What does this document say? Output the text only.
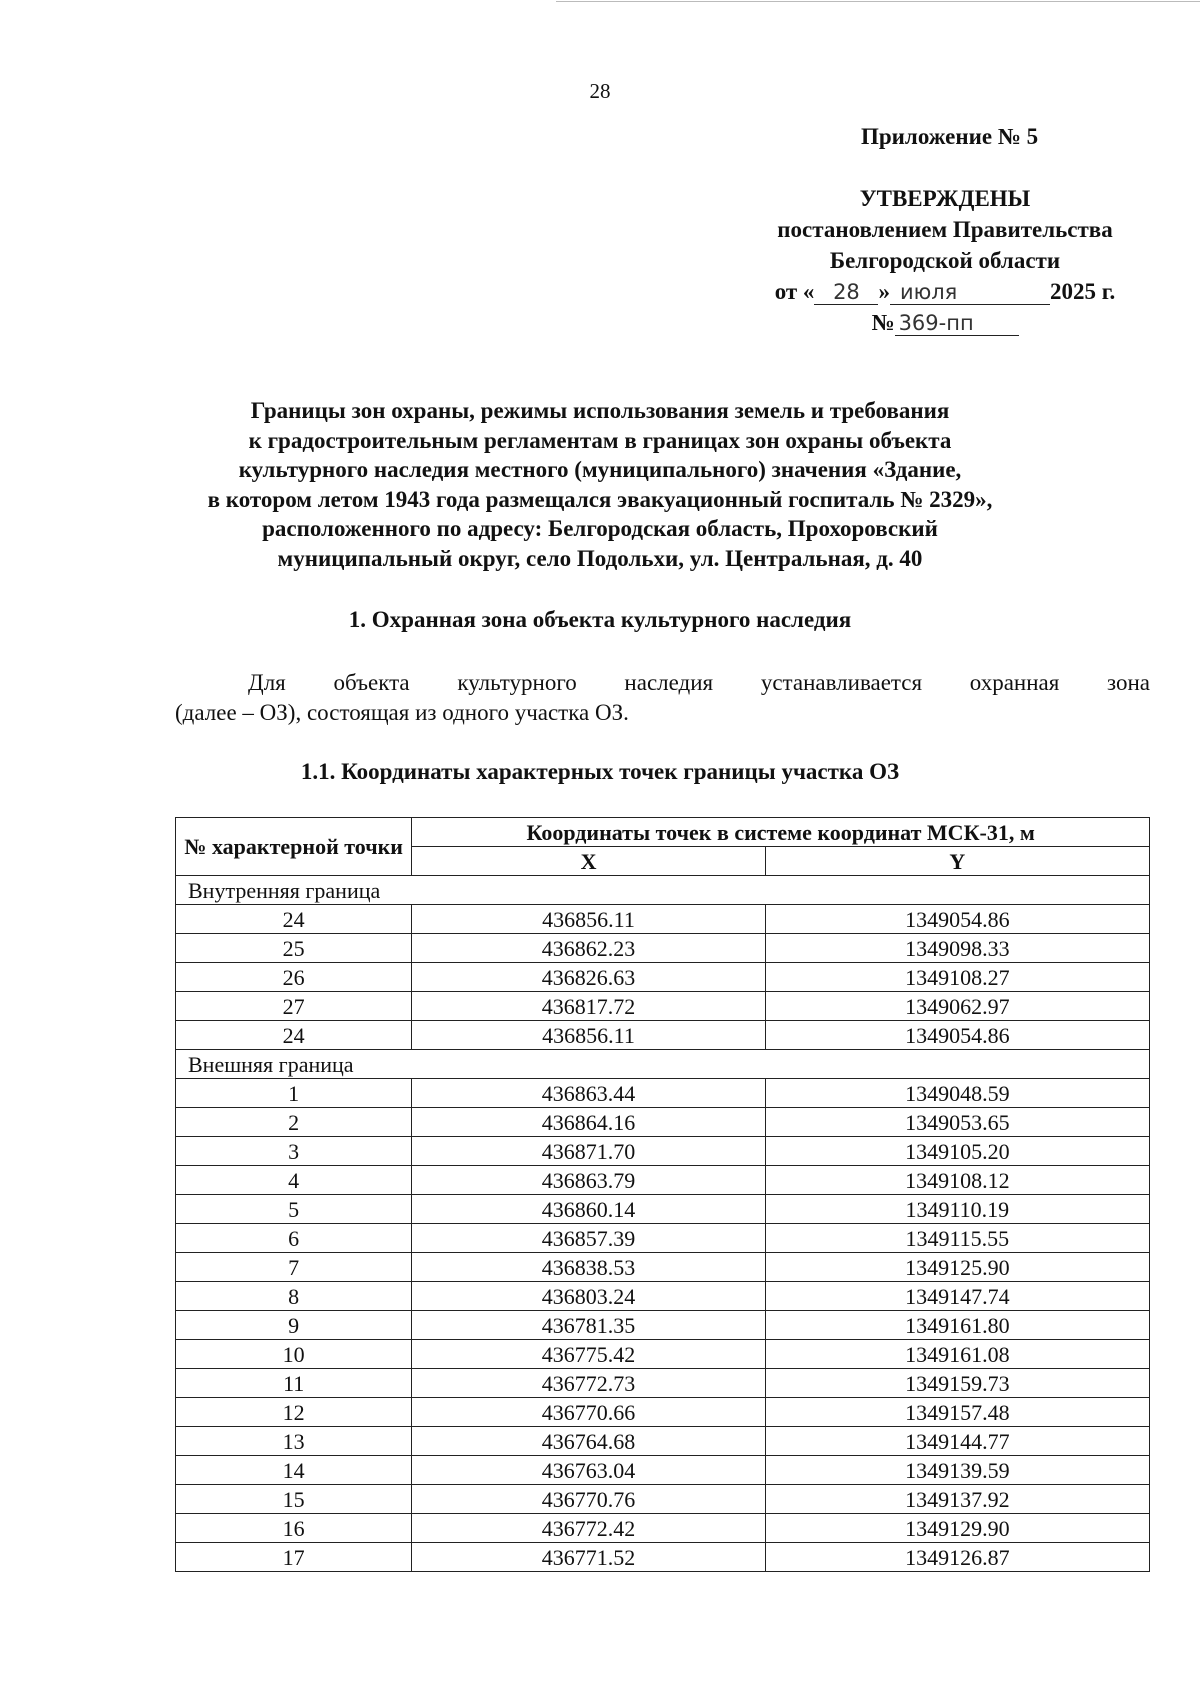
28
Приложение № 5
УТВЕРЖДЕНЫ
постановлением Правительства
Белгородской области
от « 28 » июля	2025 г.
№ 369-пп
Границы зон охраны, режимы использования земель и требования
к градостроительным регламентам в границах зон охраны объекта
культурного наследия местного (муниципального) значения «Здание,
в котором летом 1943 года размещался эвакуационный госпиталь № 2329»,
расположенного по адресу: Белгородская область, Прохоровский
муниципальный округ, село Подольхи, ул. Центральная, д. 40
1. Охранная зона объекта культурного наследия
Для объекта культурного наследия устанавливается охранная зона
(далее – ОЗ), состоящая из одного участка ОЗ.
1.1. Координаты характерных точек границы участка ОЗ
№ характерной точки	Координаты точек в системе координат МСК-31, м	
	X	Y
Внутренняя граница		
24	436856.11	1349054.86
25	436862.23	1349098.33
26	436826.63	1349108.27
27	436817.72	1349062.97
24	436856.11	1349054.86
Внешняя граница		
1	436863.44	1349048.59
2	436864.16	1349053.65
3	436871.70	1349105.20
4	436863.79	1349108.12
5	436860.14	1349110.19
6	436857.39	1349115.55
7	436838.53	1349125.90
8	436803.24	1349147.74
9	436781.35	1349161.80
10	436775.42	1349161.08
11	436772.73	1349159.73
12	436770.66	1349157.48
13	436764.68	1349144.77
14	436763.04	1349139.59
15	436770.76	1349137.92
16	436772.42	1349129.90
17	436771.52	1349126.87
